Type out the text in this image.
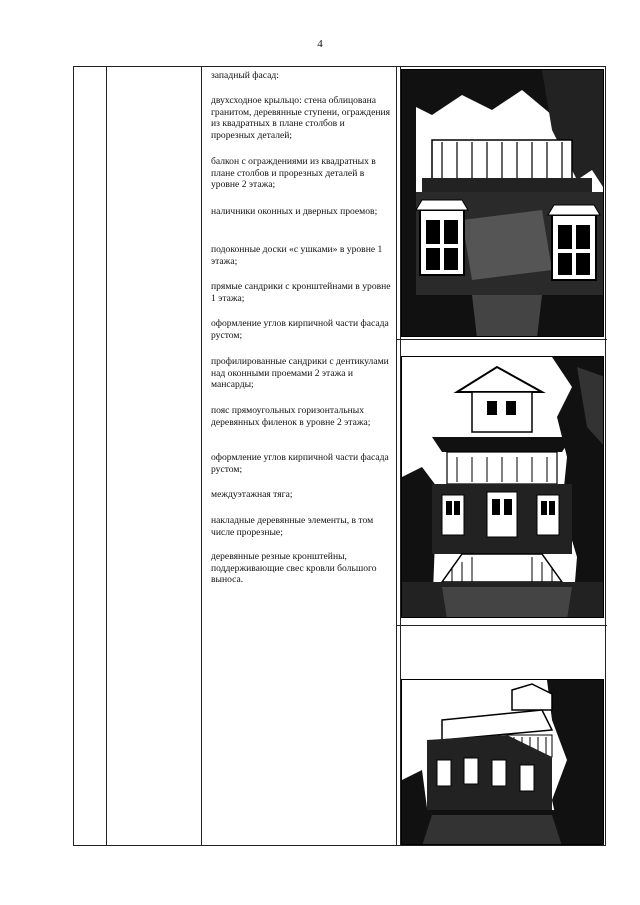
4
западный фасад:
двухсходное крыльцо: стена облицована гранитом, деревянные ступени, ограждения из квадратных в плане столбов и прорезных деталей;
балкон с ограждениями из квадратных в плане столбов и прорезных деталей в уровне 2 этажа;
наличники оконных и дверных проемов;
подоконные доски «с ушками» в уровне 1 этажа;
прямые сандрики с кронштейнами в уровне 1 этажа;
оформление углов кирпичной части фасада рустом;
профилированные сандрики с дентикулами над оконными проемами 2 этажа и мансарды;
пояс прямоугольных горизонтальных деревянных филенок в уровне 2 этажа;
оформление углов кирпичной части фасада рустом;
междуэтажная тяга;
накладные деревянные элементы, в том числе прорезные;
деревянные резные кронштейны, поддерживающие свес кровли большого выноса.
